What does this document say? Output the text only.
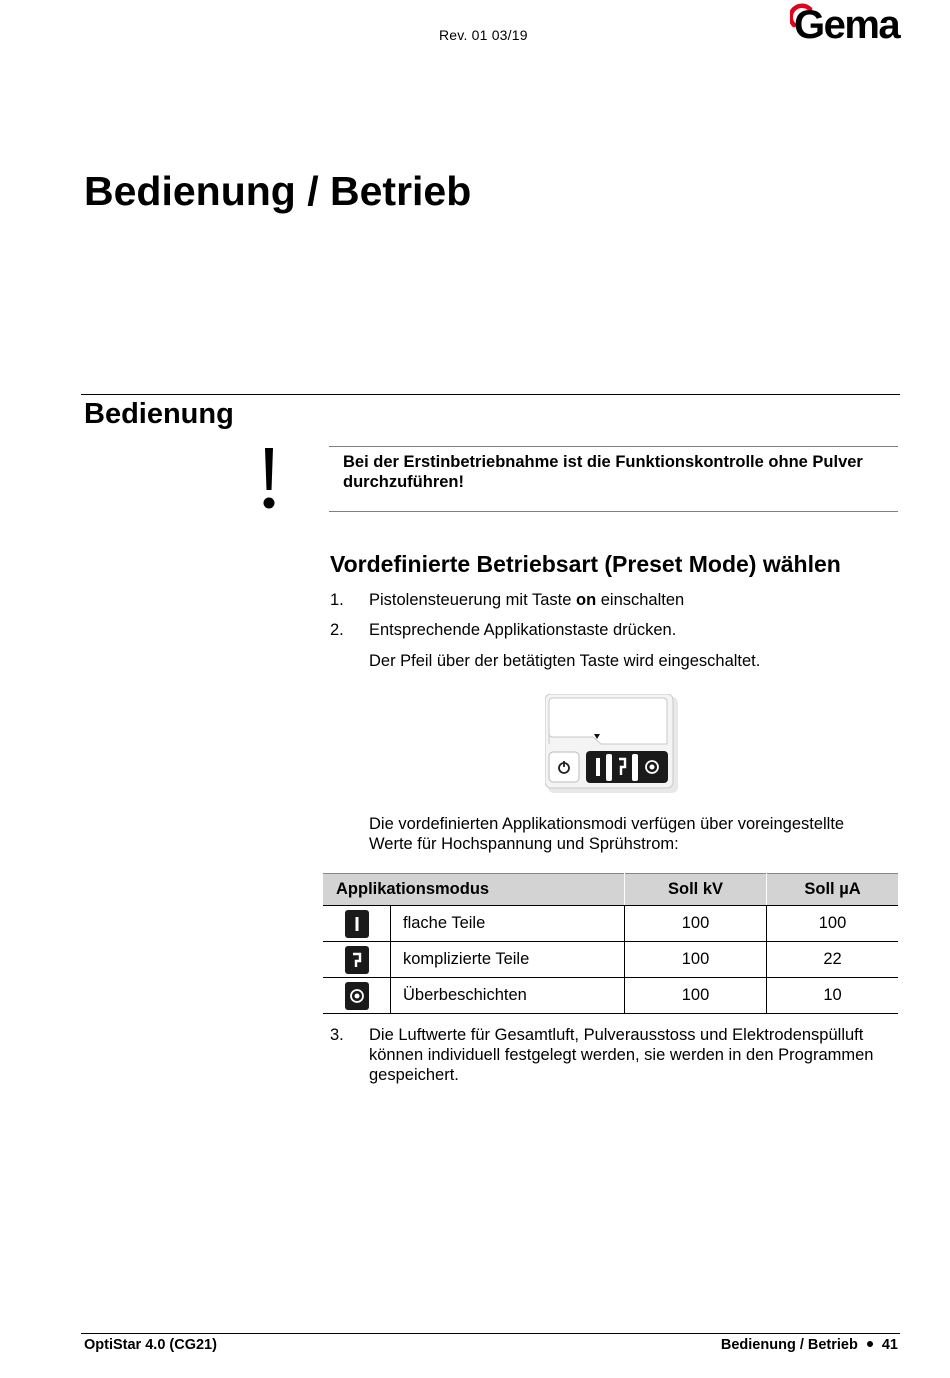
Rev. 01 03/19	Gema
Bedienung / Betrieb
Bedienung
Bei der Erstinbetriebnahme ist die Funktionskontrolle ohne Pulver durchzuführen!
Vordefinierte Betriebsart (Preset Mode) wählen
1. Pistolensteuerung mit Taste on einschalten
2. Entsprechende Applikationstaste drücken.
Der Pfeil über der betätigten Taste wird eingeschaltet.
Die vordefinierten Applikationsmodi verfügen über voreingestellte Werte für Hochspannung und Sprühstrom:
Applikationsmodus		Soll kV	Soll µA
	flache Teile	100	100
	komplizierte Teile	100	22
	Überbeschichten	100	10
3. Die Luftwerte für Gesamtluft, Pulverausstoss und Elektrodenspülluft können individuell festgelegt werden, sie werden in den Programmen gespeichert.
OptiStar 4.0 (CG21)	Bedienung / Betrieb 41
